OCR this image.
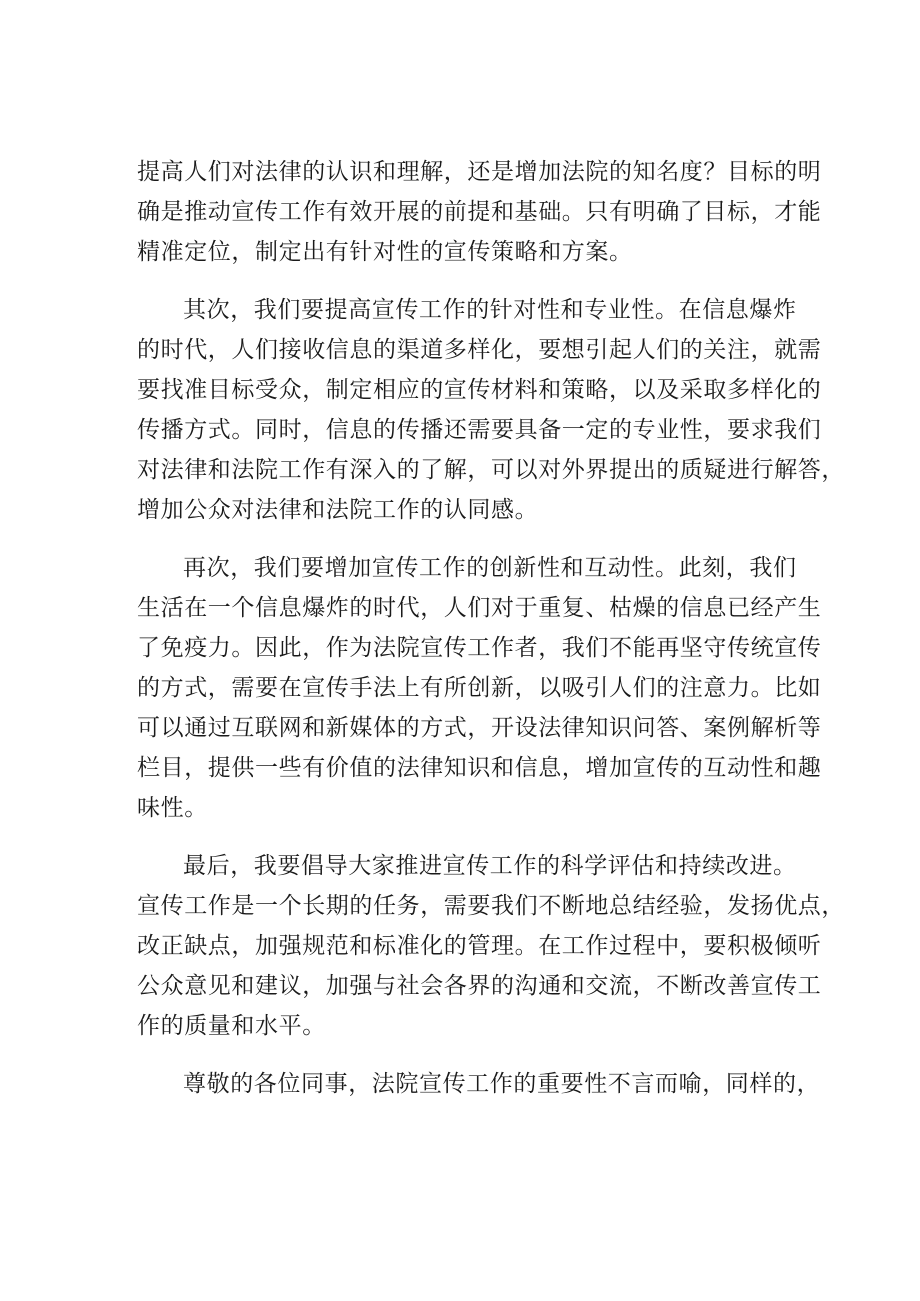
提高人们对法律的认识和理解，还是增加法院的知名度？目标的明
确是推动宣传工作有效开展的前提和基础。只有明确了目标，才能
精准定位，制定出有针对性的宣传策略和方案。

其次，我们要提高宣传工作的针对性和专业性。在信息爆炸
的时代，人们接收信息的渠道多样化，要想引起人们的关注，就需
要找准目标受众，制定相应的宣传材料和策略，以及采取多样化的
传播方式。同时，信息的传播还需要具备一定的专业性，要求我们
对法律和法院工作有深入的了解，可以对外界提出的质疑进行解答，
增加公众对法律和法院工作的认同感。

再次，我们要增加宣传工作的创新性和互动性。此刻，我们
生活在一个信息爆炸的时代，人们对于重复、枯燥的信息已经产生
了免疫力。因此，作为法院宣传工作者，我们不能再坚守传统宣传
的方式，需要在宣传手法上有所创新，以吸引人们的注意力。比如
可以通过互联网和新媒体的方式，开设法律知识问答、案例解析等
栏目，提供一些有价值的法律知识和信息，增加宣传的互动性和趣
味性。

最后，我要倡导大家推进宣传工作的科学评估和持续改进。
宣传工作是一个长期的任务，需要我们不断地总结经验，发扬优点，
改正缺点，加强规范和标准化的管理。在工作过程中，要积极倾听
公众意见和建议，加强与社会各界的沟通和交流，不断改善宣传工
作的质量和水平。

尊敬的各位同事，法院宣传工作的重要性不言而喻，同样的，
